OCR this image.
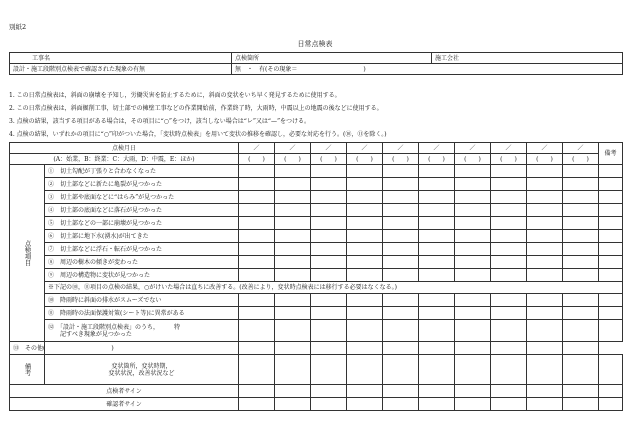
別紙2
日常点検表
工事名	点検箇所	施工会社
設計・施工段階別点検表で確認された現象の有無	無　・　有(その現象＝　　　　　　　　　　　)	
1. この日常点検表は，斜面の崩壊を予知し，労働災害を防止するために，斜面の変状をいち早く発見するために使用する。
2. この日常点検表は，斜面掘削工事，切土部での擁壁工事などの作業開始前，作業終了時，大雨時，中震以上の地震の後などに使用する。
3. 点検の結果，該当する項目がある場合は，その項目に“○”をつけ，該当しない場合は“レ”又は“—”をつける。
4. 点検の結果，いずれかの項目に“○”印がついた場合，「変状時点検表」を用いて変状の推移を確認し，必要な対応を行う。(⑩，⑪を除く。)
点検月日		／	／	／	／	／	／	／	／	／	／	備考
(A：始業，B：終業：C：大雨，D：中震，E：ほか)		(　　)	(　　)	(　　)	(　　)	(　　)	(　　)	(　　)	(　　)	(　　)	(　　)	
点検項目	①　切土勾配が丁張りと合わなくなった											
	②　切土部などに新たに亀裂が見つかった											
	③　切土部や底面などに“はらみ”が見つかった											
	④　切土部の底面などに落石が見つかった											
	⑤　切土部などの一部に崩壊が見つかった											
	⑥　切土部に地下水(湧水)が出てきた											
	⑦　切土部などに浮石・転石が見つかった											
	⑧　周辺の樹木の傾きが変わった											
	⑨　周辺の構造物に変状が見つかった											
	※下記の⑩，⑪項目の点検の結果，○がけいた場合は直ちに改善する。(改善により，変状時点検表には移行する必要はなくなる。)											
	⑩　降雨時に斜面の排水がスムーズでない											
	⑪　降雨時の法面保護対策(シート等)に異常がある											

	⑫　「設計・施工段階別点検表」のうち，　　　特
記すべき現象が見つかった											

⑬　その他(　　　　　　　　　　　)												
備考	変状箇所，変状時期，
変状状況，改善状況など											

点検者サイン												
確認者サイン												
